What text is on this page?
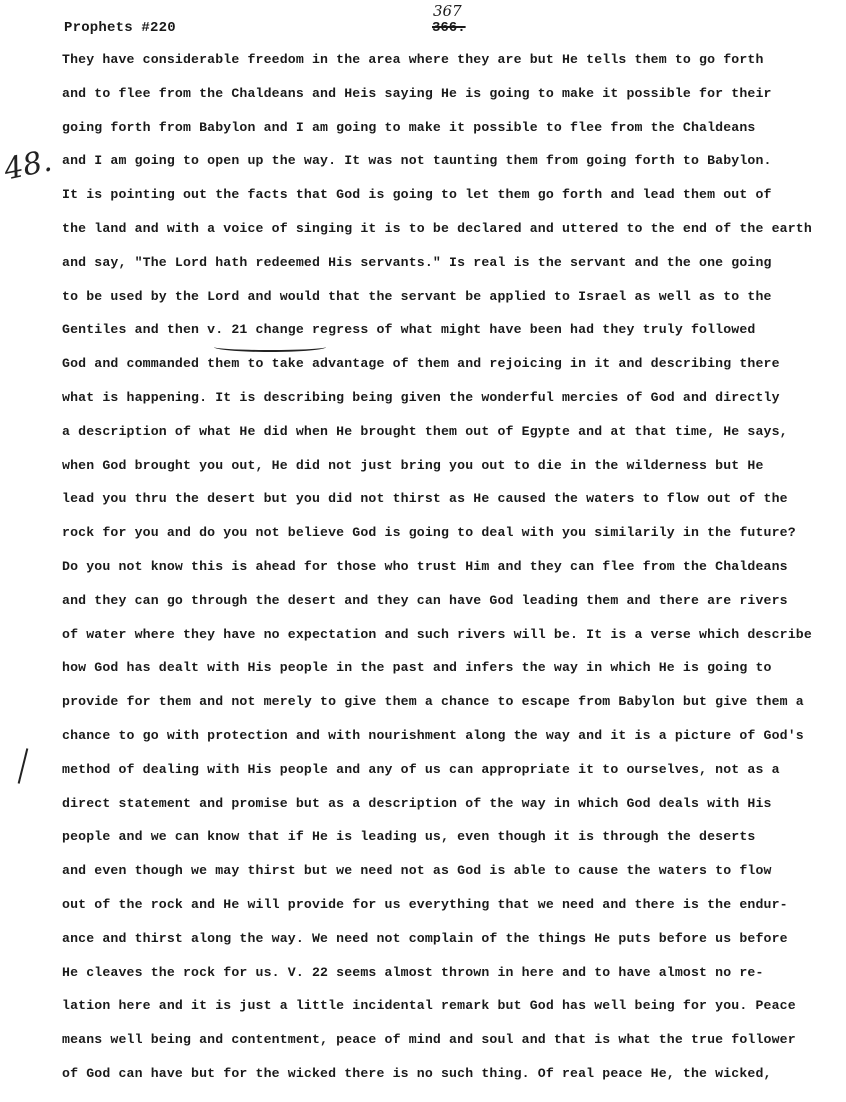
Prophets #220
367
366.
48.
They have considerable freedom in the area where they are but He tells them to go forth
and to flee from the Chaldeans and Heis saying He is going to make it possible for their
going forth from Babylon and I am going to make it possible to flee from the Chaldeans
and I am going to open up the way. It was not taunting them from going forth to Babylon.
It is pointing out the facts that God is going to let them go forth and lead them out of
the land and with a voice of singing it is to be declared and uttered to the end of the earth
and say, "The Lord hath redeemed His servants." Is real is the servant and the one going
to be used by the Lord and would that the servant be applied to Israel as well as to the
Gentiles and then v. 21 change regress of what might have been had they truly followed
God and commanded them to take advantage of them and rejoicing in it and describing there
what is happening. It is describing being given the wonderful mercies of God and directly
a description of what He did when He brought them out of Egypte and at that time, He says,
when God brought you out, He did not just bring you out to die in the wilderness but He
lead you thru the desert but you did not thirst as He caused the waters to flow out of the
rock for you and do you not believe God is going to deal with you similarily in the future?
Do you not know this is ahead for those who trust Him and they can flee from the Chaldeans
and they can go through the desert and they can have God leading them and there are rivers
of water where they have no expectation and such rivers will be. It is a verse which describe
how God has dealt with His people in the past and infers the way in which He is going to
provide for them and not merely to give them a chance to escape from Babylon but give them a
chance to go with protection and with nourishment along the way and it is a picture of God's
method of dealing with His people and any of us can appropriate it to ourselves, not as a
direct statement and promise but as a description of the way in which God deals with His
people and we can know that if He is leading us, even though it is through the deserts
and even though we may thirst but we need not as God is able to cause the waters to flow
out of the rock and He will provide for us everything that we need and there is the endur-
ance and thirst along the way. We need not complain of the things He puts before us before
He cleaves the rock for us. V. 22 seems almost thrown in here and to have almost no re-
lation here and it is just a little incidental remark but God has well being for you. Peace
means well being and contentment, peace of mind and soul and that is what the true follower
of God can have but for the wicked there is no such thing. Of real peace He, the wicked,
